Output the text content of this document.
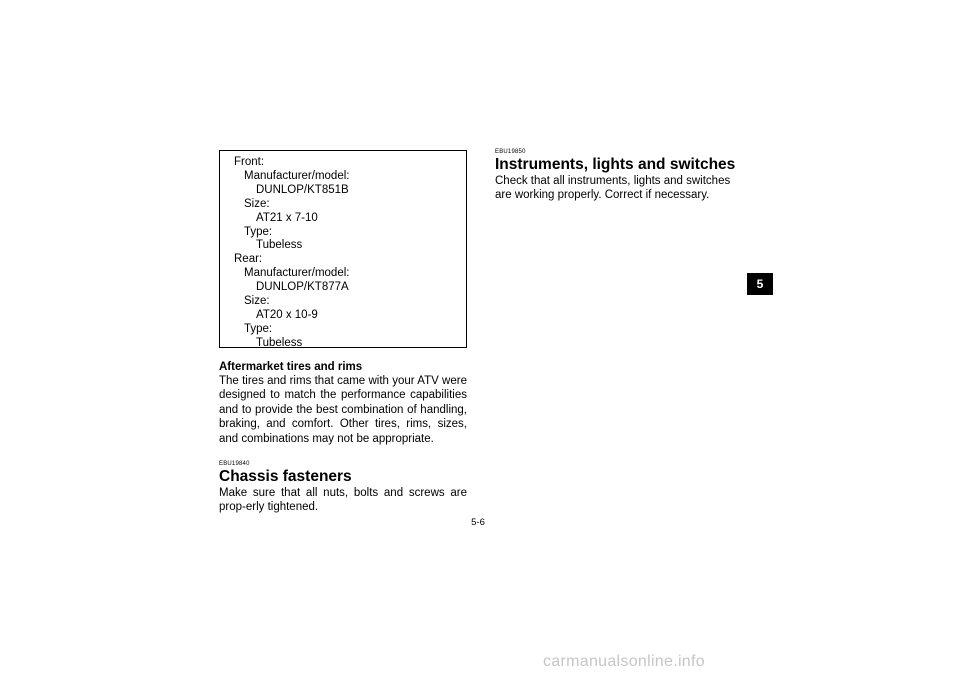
Front:
Manufacturer/model:
DUNLOP/KT851B
Size:
AT21 x 7-10
Type:
Tubeless
Rear:
Manufacturer/model:
DUNLOP/KT877A
Size:
AT20 x 10-9
Type:
Tubeless
Aftermarket tires and rims
The tires and rims that came with your ATV were designed to match the performance capabilities and to provide the best combination of handling, braking, and comfort. Other tires, rims, sizes, and combinations may not be appropriate.
EBU19840
Chassis fasteners
Make sure that all nuts, bolts and screws are prop-erly tightened.
EBU19850
Instruments, lights and switches
Check that all instruments, lights and switches are working properly. Correct if necessary.
5
5-6
carmanualsonline.info
